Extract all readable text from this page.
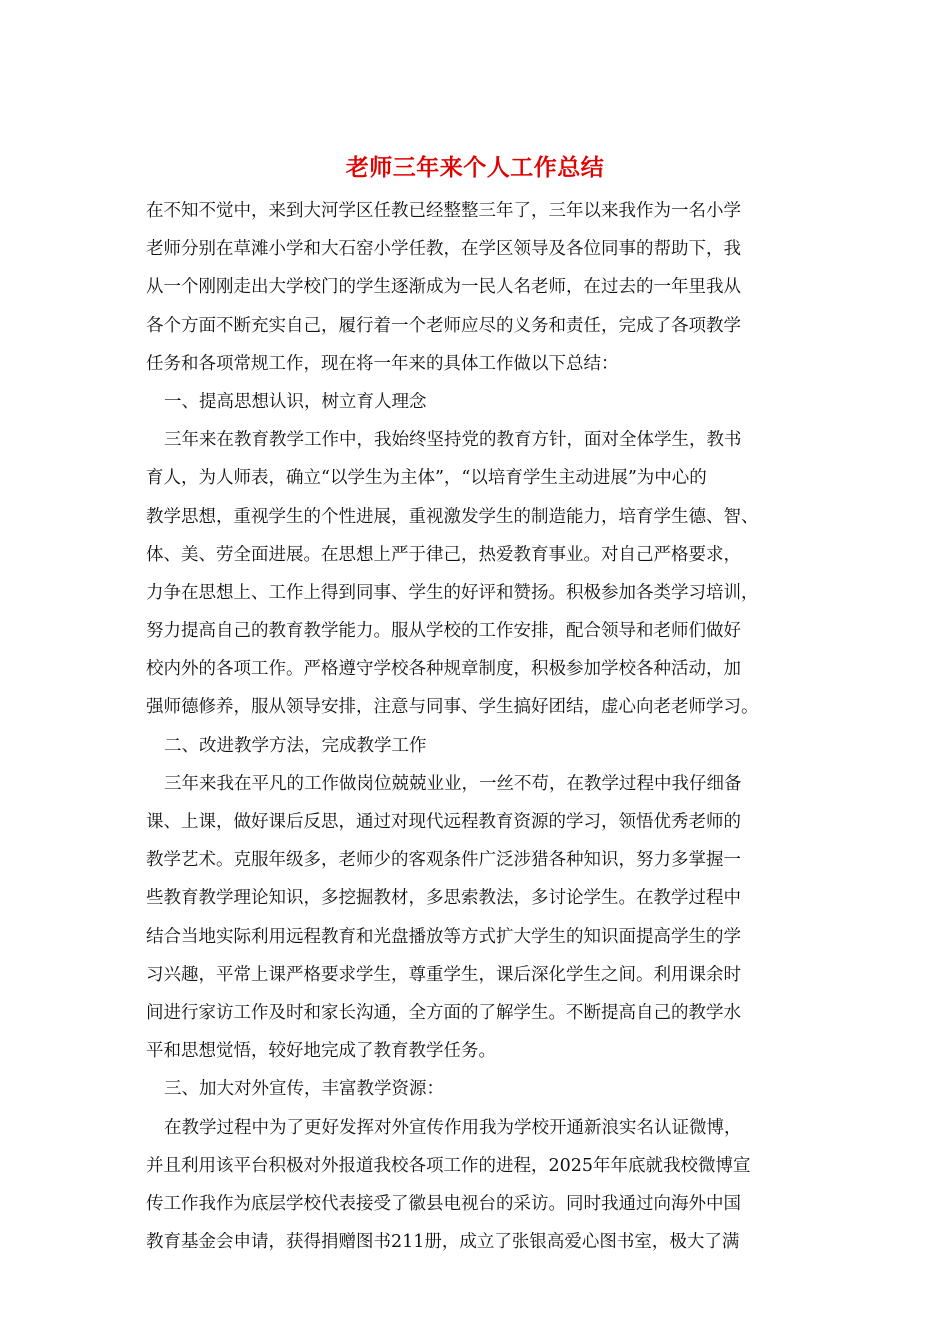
老师三年来个人工作总结
在不知不觉中，来到大河学区任教已经整整三年了，三年以来我作为一名小学
老师分别在草滩小学和大石窑小学任教，在学区领导及各位同事的帮助下，我
从一个刚刚走出大学校门的学生逐渐成为一民人名老师，在过去的一年里我从
各个方面不断充实自己，履行着一个老师应尽的义务和责任，完成了各项教学
任务和各项常规工作，现在将一年来的具体工作做以下总结：
一、提高思想认识，树立育人理念
三年来在教育教学工作中，我始终坚持党的教育方针，面对全体学生，教书
育人，为人师表，确立“以学生为主体”，“以培育学生主动进展”为中心的
教学思想，重视学生的个性进展，重视激发学生的制造能力，培育学生德、智、
体、美、劳全面进展。在思想上严于律己，热爱教育事业。对自己严格要求，
力争在思想上、工作上得到同事、学生的好评和赞扬。积极参加各类学习培训，
努力提高自己的教育教学能力。服从学校的工作安排，配合领导和老师们做好
校内外的各项工作。严格遵守学校各种规章制度，积极参加学校各种活动，加
强师德修养，服从领导安排，注意与同事、学生搞好团结，虚心向老老师学习。
二、改进教学方法，完成教学工作
三年来我在平凡的工作做岗位兢兢业业，一丝不苟，在教学过程中我仔细备
课、上课，做好课后反思，通过对现代远程教育资源的学习，领悟优秀老师的
教学艺术。克服年级多，老师少的客观条件广泛涉猎各种知识，努力多掌握一
些教育教学理论知识，多挖掘教材，多思索教法，多讨论学生。在教学过程中
结合当地实际利用远程教育和光盘播放等方式扩大学生的知识面提高学生的学
习兴趣，平常上课严格要求学生，尊重学生，课后深化学生之间。利用课余时
间进行家访工作及时和家长沟通，全方面的了解学生。不断提高自己的教学水
平和思想觉悟，较好地完成了教育教学任务。
三、加大对外宣传，丰富教学资源：
在教学过程中为了更好发挥对外宣传作用我为学校开通新浪实名认证微博，
并且利用该平台积极对外报道我校各项工作的进程，2025年年底就我校微博宣
传工作我作为底层学校代表接受了徽县电视台的采访。同时我通过向海外中国
教育基金会申请，获得捐赠图书211册，成立了张银高爱心图书室，极大了满
